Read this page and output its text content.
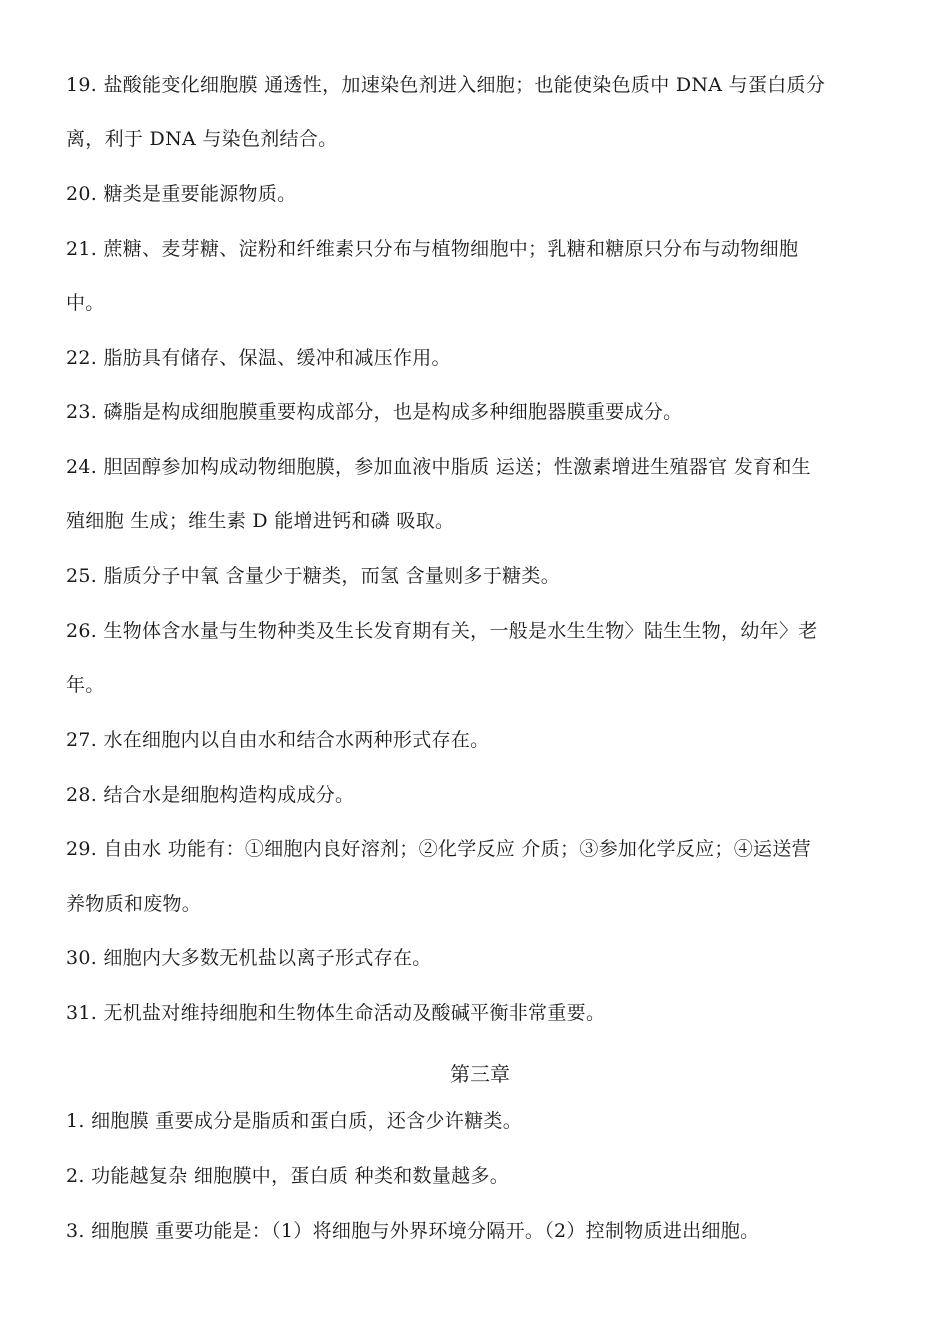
19. 盐酸能变化细胞膜 通透性，加速染色剂进入细胞；也能使染色质中 DNA 与蛋白质分
离，利于 DNA 与染色剂结合。
20. 糖类是重要能源物质。
21. 蔗糖、麦芽糖、淀粉和纤维素只分布与植物细胞中；乳糖和糖原只分布与动物细胞
中。
22. 脂肪具有储存、保温、缓冲和减压作用。
23. 磷脂是构成细胞膜重要构成部分，也是构成多种细胞器膜重要成分。
24. 胆固醇参加构成动物细胞膜，参加血液中脂质 运送；性激素增进生殖器官 发育和生
殖细胞 生成；维生素 D 能增进钙和磷 吸取。
25. 脂质分子中氧 含量少于糖类，而氢 含量则多于糖类。
26. 生物体含水量与生物种类及生长发育期有关，一般是水生生物〉陆生生物，幼年〉老
年。
27. 水在细胞内以自由水和结合水两种形式存在。
28. 结合水是细胞构造构成成分。
29. 自由水 功能有：①细胞内良好溶剂；②化学反应 介质；③参加化学反应；④运送营
养物质和废物。
30. 细胞内大多数无机盐以离子形式存在。
31. 无机盐对维持细胞和生物体生命活动及酸碱平衡非常重要。
第三章
1. 细胞膜 重要成分是脂质和蛋白质，还含少许糖类。
2. 功能越复杂 细胞膜中，蛋白质 种类和数量越多。
3. 细胞膜 重要功能是：（1）将细胞与外界环境分隔开。（2）控制物质进出细胞。
